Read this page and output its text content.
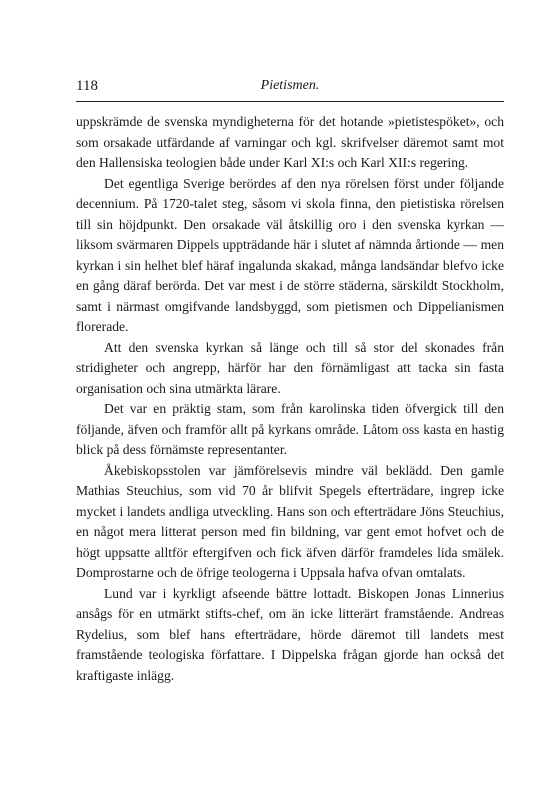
118	Pietismen.

uppskrämde de svenska myndigheterna för det hotande »pietistespöket», och som orsakade utfärdande af varningar och kgl. skrifvelser däremot samt mot den Hallensiska teologien både under Karl XI:s och Karl XII:s regering.

Det egentliga Sverige berördes af den nya rörelsen först under följande decennium. På 1720-talet steg, såsom vi skola finna, den pietistiska rörelsen till sin höjdpunkt. Den orsakade väl åtskillig oro i den svenska kyrkan — liksom svärmaren Dippels uppträdande här i slutet af nämnda årtionde — men kyrkan i sin helhet blef häraf ingalunda skakad, många landsändar blefvo icke en gång däraf berörda. Det var mest i de större städerna, särskildt Stockholm, samt i närmast omgifvande landsbyggd, som pietismen och Dippelianismen florerade.

Att den svenska kyrkan så länge och till så stor del skonades från stridigheter och angrepp, härför har den förnämligast att tacka sin fasta organisation och sina utmärkta lärare.

Det var en präktig stam, som från karolinska tiden öfvergick till den följande, äfven och framför allt på kyrkans område. Låtom oss kasta en hastig blick på dess förnämste representanter.

Åkebiskopsstolen var jämförelsevis mindre väl beklädd. Den gamle Mathias Steuchius, som vid 70 år blifvit Spegels efterträdare, ingrep icke mycket i landets andliga utveckling. Hans son och efterträdare Jöns Steuchius, en något mera litterat person med fin bildning, var gent emot hofvet och de högt uppsatte alltför eftergifven och fick äfven därför framdeles lida smälek. Domprostarne och de öfrige teologerna i Uppsala hafva ofvan omtalats.

Lund var i kyrkligt afseende bättre lottadt. Biskopen Jonas Linnerius ansågs för en utmärkt stifts-chef, om än icke litterärt framstående. Andreas Rydelius, som blef hans efterträdare, hörde däremot till landets mest framstående teologiska författare. I Dippelska frågan gjorde han också det kraftigaste inlägg.
